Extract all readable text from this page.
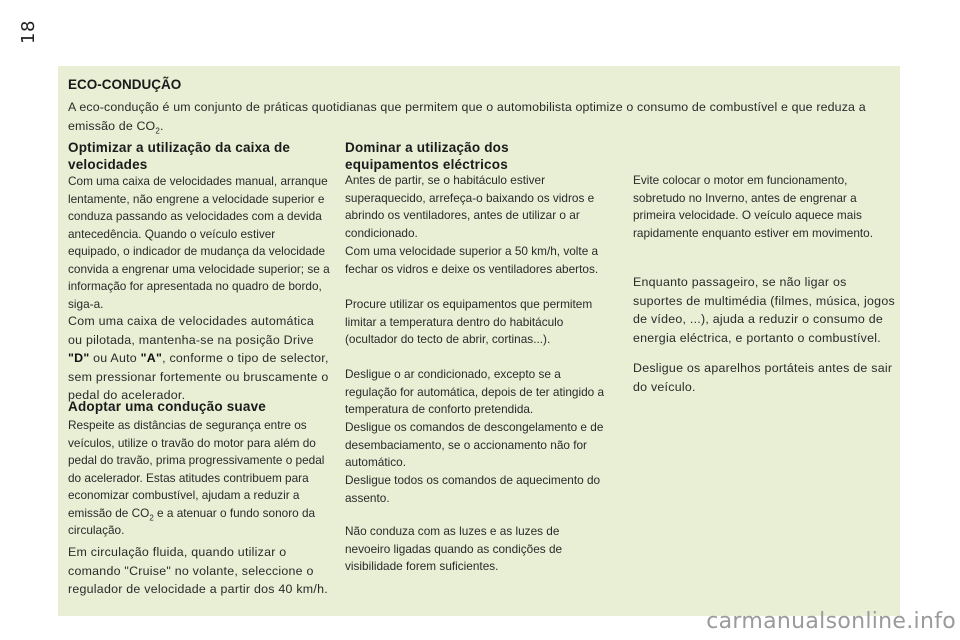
18
ECO-CONDUÇÃO
A eco-condução é um conjunto de práticas quotidianas que permitem que o automobilista optimize o consumo de combustível e que reduza a emissão de $CO_2$.
Optimizar a utilização da caixa de velocidades
Com uma caixa de velocidades manual, arranque lentamente, não engrene a velocidade superior e conduza passando as velocidades com a devida antecedência. Quando o veículo estiver equipado, o indicador de mudança da velocidade convida a engrenar uma velocidade superior; se a informação for apresentada no quadro de bordo, siga-a.
Com uma caixa de velocidades automática ou pilotada, mantenha-se na posição Drive "D" ou Auto "A", conforme o tipo de selector, sem pressionar fortemente ou bruscamente o pedal do acelerador.
Adoptar uma condução suave
Respeite as distâncias de segurança entre os veículos, utilize o travão do motor para além do pedal do travão, prima progressivamente o pedal do acelerador. Estas atitudes contribuem para economizar combustível, ajudam a reduzir a emissão de $CO_2$ e a atenuar o fundo sonoro da circulação.
Em circulação fluida, quando utilizar o comando "Cruise" no volante, seleccione o regulador de velocidade a partir dos 40 km/h.
Dominar a utilização dos equipamentos eléctricos
Antes de partir, se o habitáculo estiver superaquecido, arrefeça-o baixando os vidros e abrindo os ventiladores, antes de utilizar o ar condicionado.
Com uma velocidade superior a 50 km/h, volte a fechar os vidros e deixe os ventiladores abertos.
Procure utilizar os equipamentos que permitem limitar a temperatura dentro do habitáculo (ocultador do tecto de abrir, cortinas...).
Desligue o ar condicionado, excepto se a regulação for automática, depois de ter atingido a temperatura de conforto pretendida.
Desligue os comandos de descongelamento e de desembaciamento, se o accionamento não for automático.
Desligue todos os comandos de aquecimento do assento.
Não conduza com as luzes e as luzes de nevoeiro ligadas quando as condições de visibilidade forem suficientes.
Evite colocar o motor em funcionamento, sobretudo no Inverno, antes de engrenar a primeira velocidade. O veículo aquece mais rapidamente enquanto estiver em movimento.
Enquanto passageiro, se não ligar os suportes de multimédia (filmes, música, jogos de vídeo, ...), ajuda a reduzir o consumo de energia eléctrica, e portanto o combustível.
Desligue os aparelhos portáteis antes de sair do veículo.
carmanualsonline.info
